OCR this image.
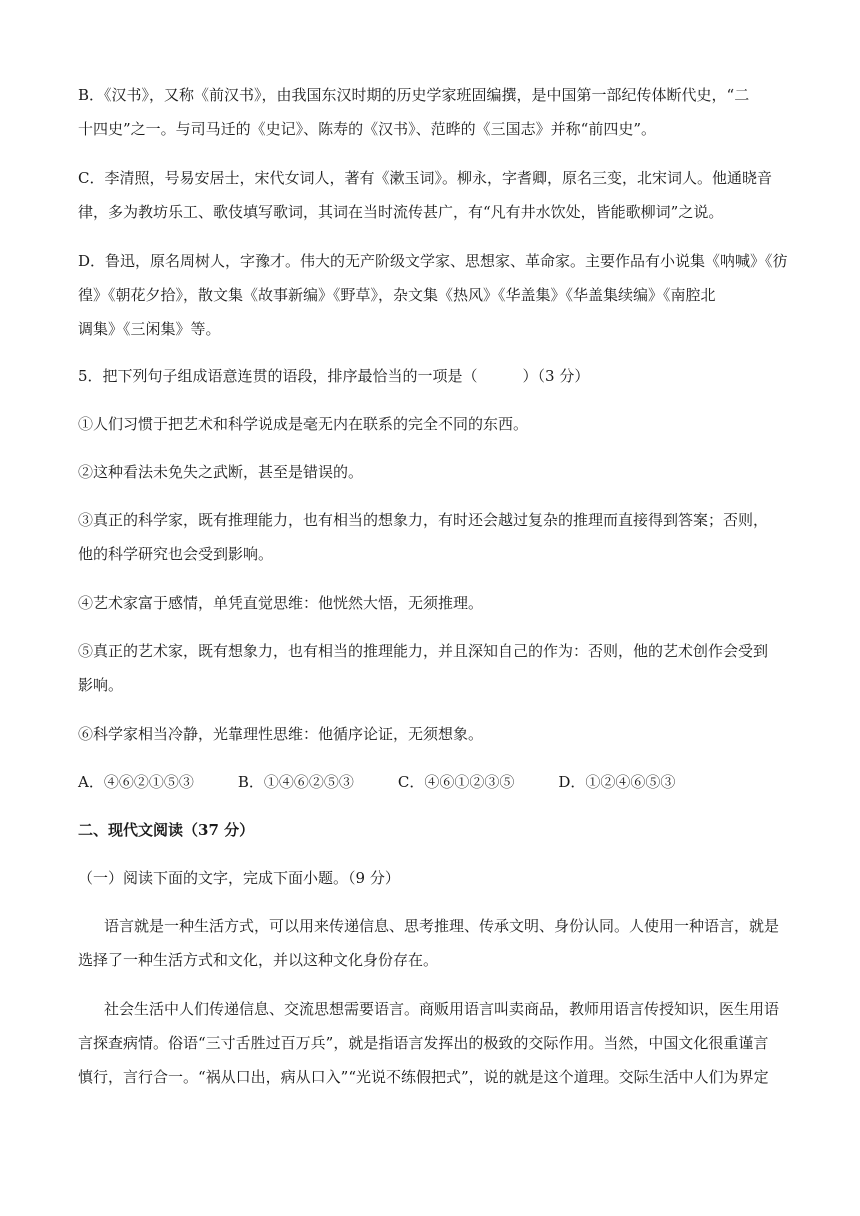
B．《汉书》，又称《前汉书》，由我国东汉时期的历史学家班固编撰，是中国第一部纪传体断代史，“二
十四史”之一。与司马迁的《史记》、陈寿的《汉书》、范晔的《三国志》并称“前四史”。
C．李清照，号易安居士，宋代女词人，著有《漱玉词》。柳永，字耆卿，原名三变，北宋词人。他通晓音
律，多为教坊乐工、歌伎填写歌词，其词在当时流传甚广，有“凡有井水饮处，皆能歌柳词”之说。
D．鲁迅，原名周树人，字豫才。伟大的无产阶级文学家、思想家、革命家。主要作品有小说集《呐喊》《彷
徨》《朝花夕拾》，散文集《故事新编》《野草》，杂文集《热风》《华盖集》《华盖集续编》《南腔北
调集》《三闲集》等。
5．把下列句子组成语意连贯的语段，排序最恰当的一项是（　　　）（3 分）
①人们习惯于把艺术和科学说成是毫无内在联系的完全不同的东西。
②这种看法未免失之武断，甚至是错误的。
③真正的科学家，既有推理能力，也有相当的想象力，有时还会越过复杂的推理而直接得到答案；否则，
他的科学研究也会受到影响。
④艺术家富于感情，单凭直觉思维：他恍然大悟，无须推理。
⑤真正的艺术家，既有想象力，也有相当的推理能力，并且深知自己的作为：否则，他的艺术创作会受到
影响。
⑥科学家相当冷静，光靠理性思维：他循序论证，无须想象。
A．④⑥②①⑤③	B．①④⑥②⑤③	C．④⑥①②③⑤	D．①②④⑥⑤③
二、现代文阅读（37 分）
（一）阅读下面的文字，完成下面小题。（9 分）
语言就是一种生活方式，可以用来传递信息、思考推理、传承文明、身份认同。人使用一种语言，就是
选择了一种生活方式和文化，并以这种文化身份存在。
社会生活中人们传递信息、交流思想需要语言。商贩用语言叫卖商品，教师用语言传授知识，医生用语
言探查病情。俗语“三寸舌胜过百万兵”，就是指语言发挥出的极致的交际作用。当然，中国文化很重谨言
慎行，言行合一。“祸从口出，病从口入”“光说不练假把式”，说的就是这个道理。交际生活中人们为界定
